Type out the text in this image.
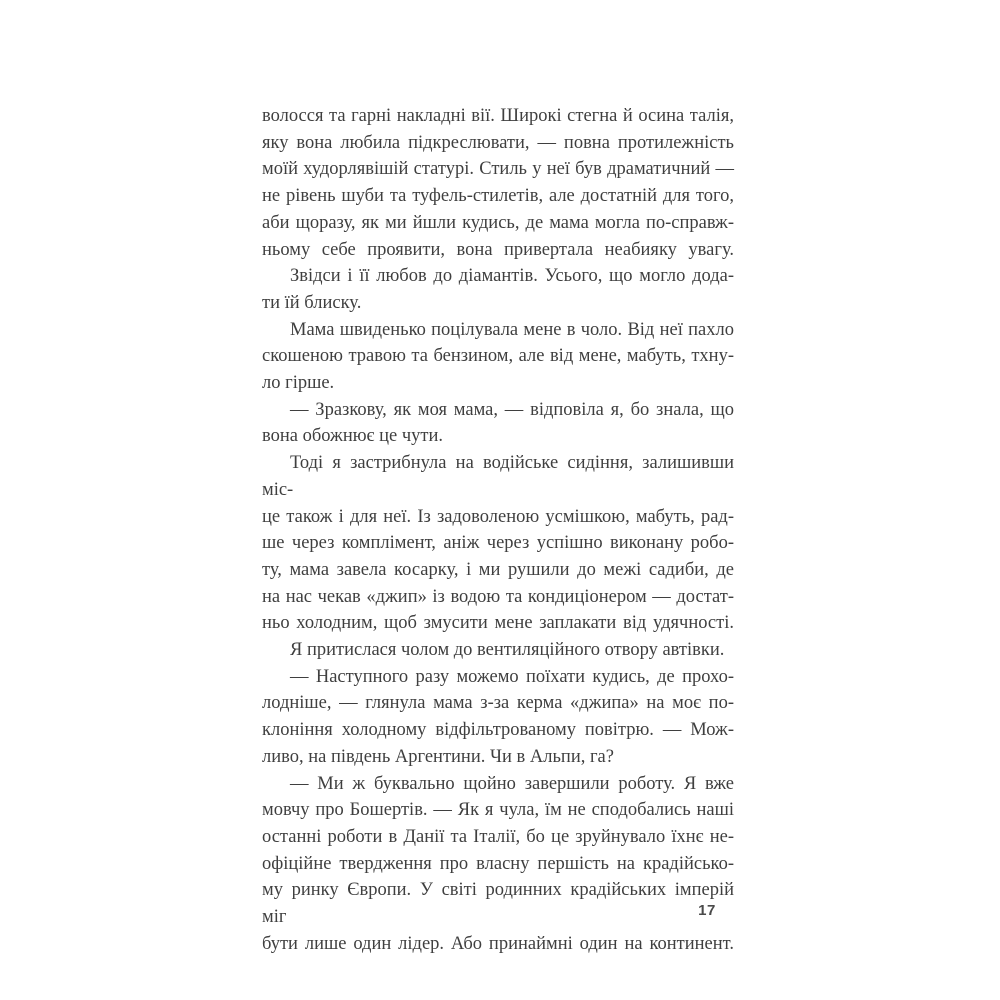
волосся та гарні накладні вії. Широкі стегна й осина талія,
яку вона любила підкреслювати, — повна протилежність
моїй худорлявішій статурі. Стиль у неї був драматичний —
не рівень шуби та туфель-стилетів, але достатній для того,
аби щоразу, як ми йшли кудись, де мама могла по-справж-
ньому себе проявити, вона привертала неабияку увагу.
Звідси і її любов до діамантів. Усього, що могло дода-
ти їй блиску.
Мама швиденько поцілувала мене в чоло. Від неї пахло
скошеною травою та бензином, але від мене, мабуть, тхну-
ло гірше.
— Зразкову, як моя мама, — відповіла я, бо знала, що
вона обожнює це чути.
Тоді я застрибнула на водійське сидіння, залишивши міс-
це також і для неї. Із задоволеною усмішкою, мабуть, рад-
ше через комплімент, аніж через успішно виконану робо-
ту, мама завела косарку, і ми рушили до межі садиби, де
на нас чекав «джип» із водою та кондиціонером — достат-
ньо холодним, щоб змусити мене заплакати від удячності.
Я притислася чолом до вентиляційного отвору автівки.
— Наступного разу можемо поїхати кудись, де прохо-
лодніше, — глянула мама з-за керма «джипа» на моє по-
клоніння холодному відфільтрованому повітрю. — Мож-
ливо, на південь Аргентини. Чи в Альпи, га?
— Ми ж буквально щойно завершили роботу. Я вже
мовчу про Бошертів. — Як я чула, їм не сподобались наші
останні роботи в Данії та Італії, бо це зруйнувало їхнє не-
офіційне твердження про власну першість на крадійсько-
му ринку Європи. У світі родинних крадійських імперій міг
бути лише один лідер. Або принаймні один на континент.
17
